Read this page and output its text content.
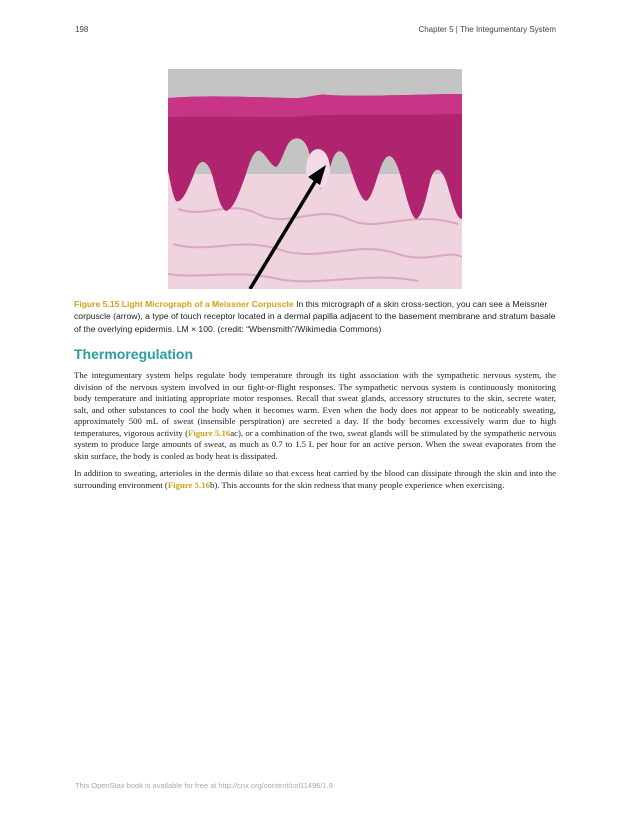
198	Chapter 5 | The Integumentary System
Figure 5.15 Light Micrograph of a Meissner Corpuscle In this micrograph of a skin cross-section, you can see a Meissner corpuscle (arrow), a type of touch receptor located in a dermal papilla adjacent to the basement membrane and stratum basale of the overlying epidermis. LM × 100. (credit: “Wbensmith”/Wikimedia Commons)
Thermoregulation

The integumentary system helps regulate body temperature through its tight association with the sympathetic nervous system, the division of the nervous system involved in our fight-or-flight responses. The sympathetic nervous system is continuously monitoring body temperature and initiating appropriate motor responses. Recall that sweat glands, accessory structures to the skin, secrete water, salt, and other substances to cool the body when it becomes warm. Even when the body does not appear to be noticeably sweating, approximately 500 mL of sweat (insensible perspiration) are secreted a day. If the body becomes excessively warm due to high temperatures, vigorous activity (Figure 5.16ac), or a combination of the two, sweat glands will be stimulated by the sympathetic nervous system to produce large amounts of sweat, as much as 0.7 to 1.5 L per hour for an active person. When the sweat evaporates from the skin surface, the body is cooled as body heat is dissipated.

In addition to sweating, arterioles in the dermis dilate so that excess heat carried by the blood can dissipate through the skin and into the surrounding environment (Figure 5.16b). This accounts for the skin redness that many people experience when exercising.

This OpenStax book is available for free at http://cnx.org/content/col11496/1.8
